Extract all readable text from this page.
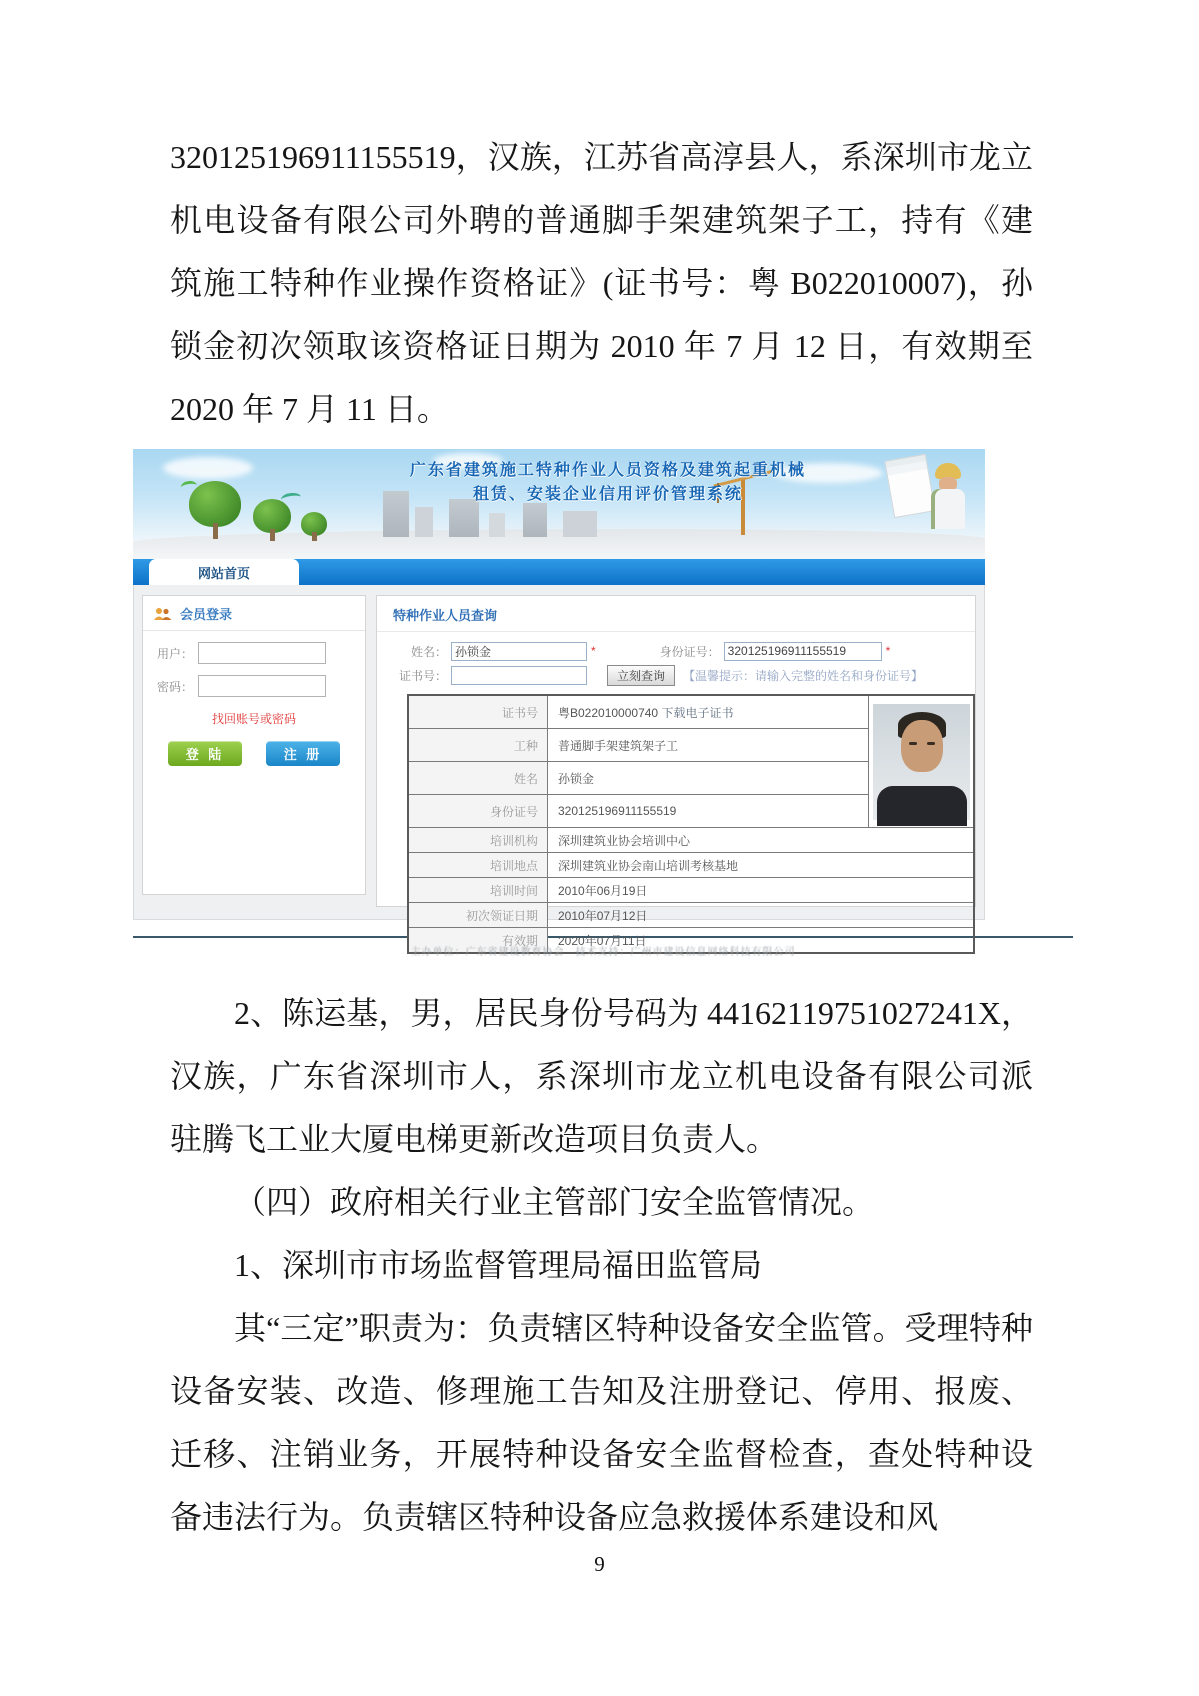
320125196911155519，汉族，江苏省高淳县人，系深圳市龙立机电设备有限公司外聘的普通脚手架建筑架子工，持有《建筑施工特种作业操作资格证》(证书号：粤 B022010007)，孙锁金初次领取该资格证日期为 2010 年 7 月 12 日，有效期至 2020 年 7 月 11 日。

广东省建筑施工特种作业人员资格及建筑起重机械
租赁、安装企业信用评价管理系统
网站首页
会员登录
用户：
密码：
找回账号或密码
登 陆	注 册
特种作业人员查询
姓名：
孙锁金	*	身份证号：
320125196911155519	*
证书号：	立刻查询	【温馨提示：请输入完整的姓名和身份证号】
证书号	粤B022010000740 下载电子证书	

工种	普通脚手架建筑架子工	
姓名	孙锁金	
身份证号	320125196911155519	
培训机构	深圳建筑业协会培训中心	
培训地点	深圳建筑业协会南山培训考核基地	
培训时间	2010年06月19日	
初次领证日期	2010年07月12日	
有效期	2020年07月11日	
主办单位：广东省建设教育协会　技术支持：广州市建设信息网络科技有限公司

2、陈运基，男，居民身份号码为 44162119751027241X，汉族，广东省深圳市人，系深圳市龙立机电设备有限公司派驻腾飞工业大厦电梯更新改造项目负责人。

（四）政府相关行业主管部门安全监管情况。

1、深圳市市场监督管理局福田监管局

其“三定”职责为：负责辖区特种设备安全监管。受理特种设备安装、改造、修理施工告知及注册登记、停用、报废、迁移、注销业务，开展特种设备安全监督检查，查处特种设备违法行为。负责辖区特种设备应急救援体系建设和风

9
